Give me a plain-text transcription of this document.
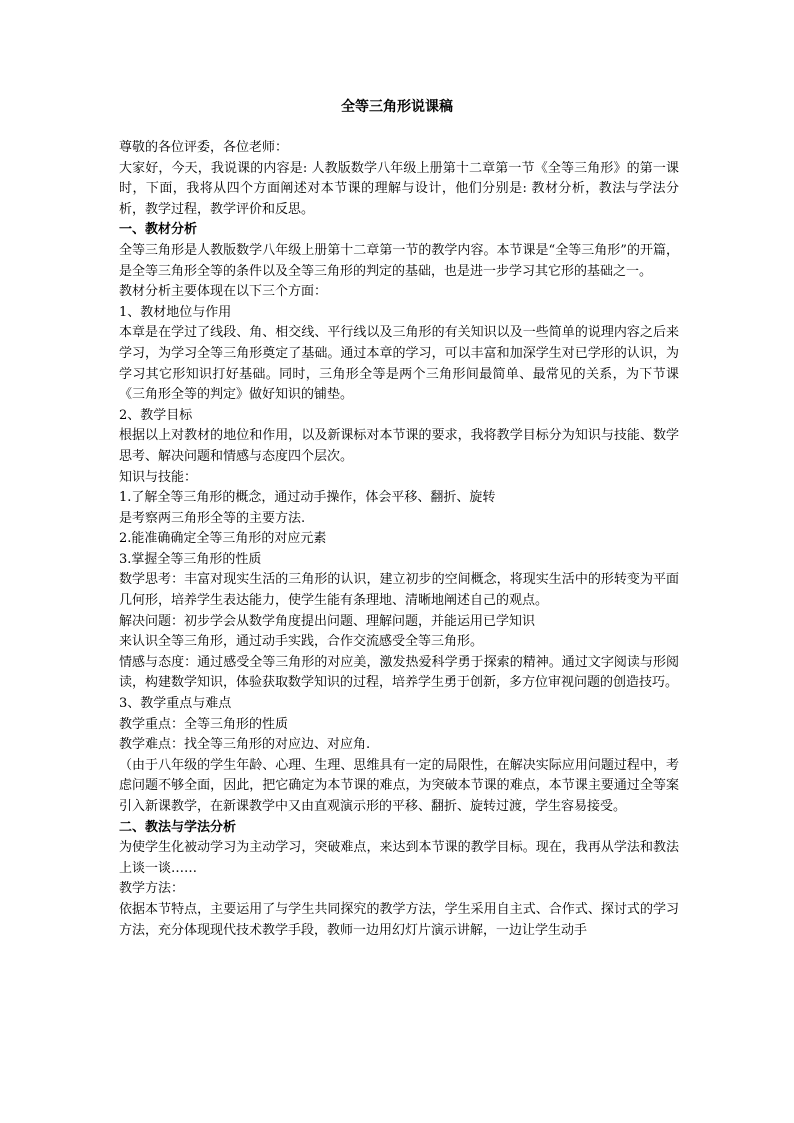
全等三角形说课稿

尊敬的各位评委，各位老师：

大家好，今天，我说课的内容是: 人教版数学八年级上册第十二章第一节《全等三角形》的第一课时，下面，我将从四个方面阐述对本节课的理解与设计，他们分别是: 教材分析，教法与学法分析，教学过程，教学评价和反思。

一、教材分析

全等三角形是人教版数学八年级上册第十二章第一节的教学内容。本节课是“全等三角形”的开篇，是全等三角形全等的条件以及全等三角形的判定的基础，也是进一步学习其它形的基础之一。

教材分析主要体现在以下三个方面：

1、教材地位与作用

本章是在学过了线段、角、相交线、平行线以及三角形的有关知识以及一些简单的说理内容之后来学习，为学习全等三角形奠定了基础。通过本章的学习，可以丰富和加深学生对已学形的认识，为学习其它形知识打好基础。同时，三角形全等是两个三角形间最简单、最常见的关系，为下节课《三角形全等的判定》做好知识的铺垫。

2、教学目标

根据以上对教材的地位和作用，以及新课标对本节课的要求，我将教学目标分为知识与技能、数学思考、解决问题和情感与态度四个层次。

知识与技能：

1.了解全等三角形的概念，通过动手操作，体会平移、翻折、旋转

是考察两三角形全等的主要方法.

2.能准确确定全等三角形的对应元素

3.掌握全等三角形的性质

数学思考：丰富对现实生活的三角形的认识，建立初步的空间概念，将现实生活中的形转变为平面几何形，培养学生表达能力，使学生能有条理地、清晰地阐述自己的观点。

解决问题：初步学会从数学角度提出问题、理解问题，并能运用已学知识

来认识全等三角形，通过动手实践，合作交流感受全等三角形。

情感与态度：通过感受全等三角形的对应美，激发热爱科学勇于探索的精神。通过文字阅读与形阅读，构建数学知识，体验获取数学知识的过程，培养学生勇于创新，多方位审视问题的创造技巧。

3、教学重点与难点

教学重点：全等三角形的性质

教学难点：找全等三角形的对应边、对应角.

（由于八年级的学生年龄、心理、生理、思维具有一定的局限性，在解决实际应用问题过程中，考虑问题不够全面，因此，把它确定为本节课的难点，为突破本节课的难点，本节课主要通过全等案引入新课教学，在新课教学中又由直观演示形的平移、翻折、旋转过渡，学生容易接受。

二、教法与学法分析

为使学生化被动学习为主动学习，突破难点，来达到本节课的教学目标。现在，我再从学法和教法上谈一谈……

教学方法：

依据本节特点，主要运用了与学生共同探究的教学方法，学生采用自主式、合作式、探讨式的学习方法，充分体现现代技术教学手段，教师一边用幻灯片演示讲解，一边让学生动手
